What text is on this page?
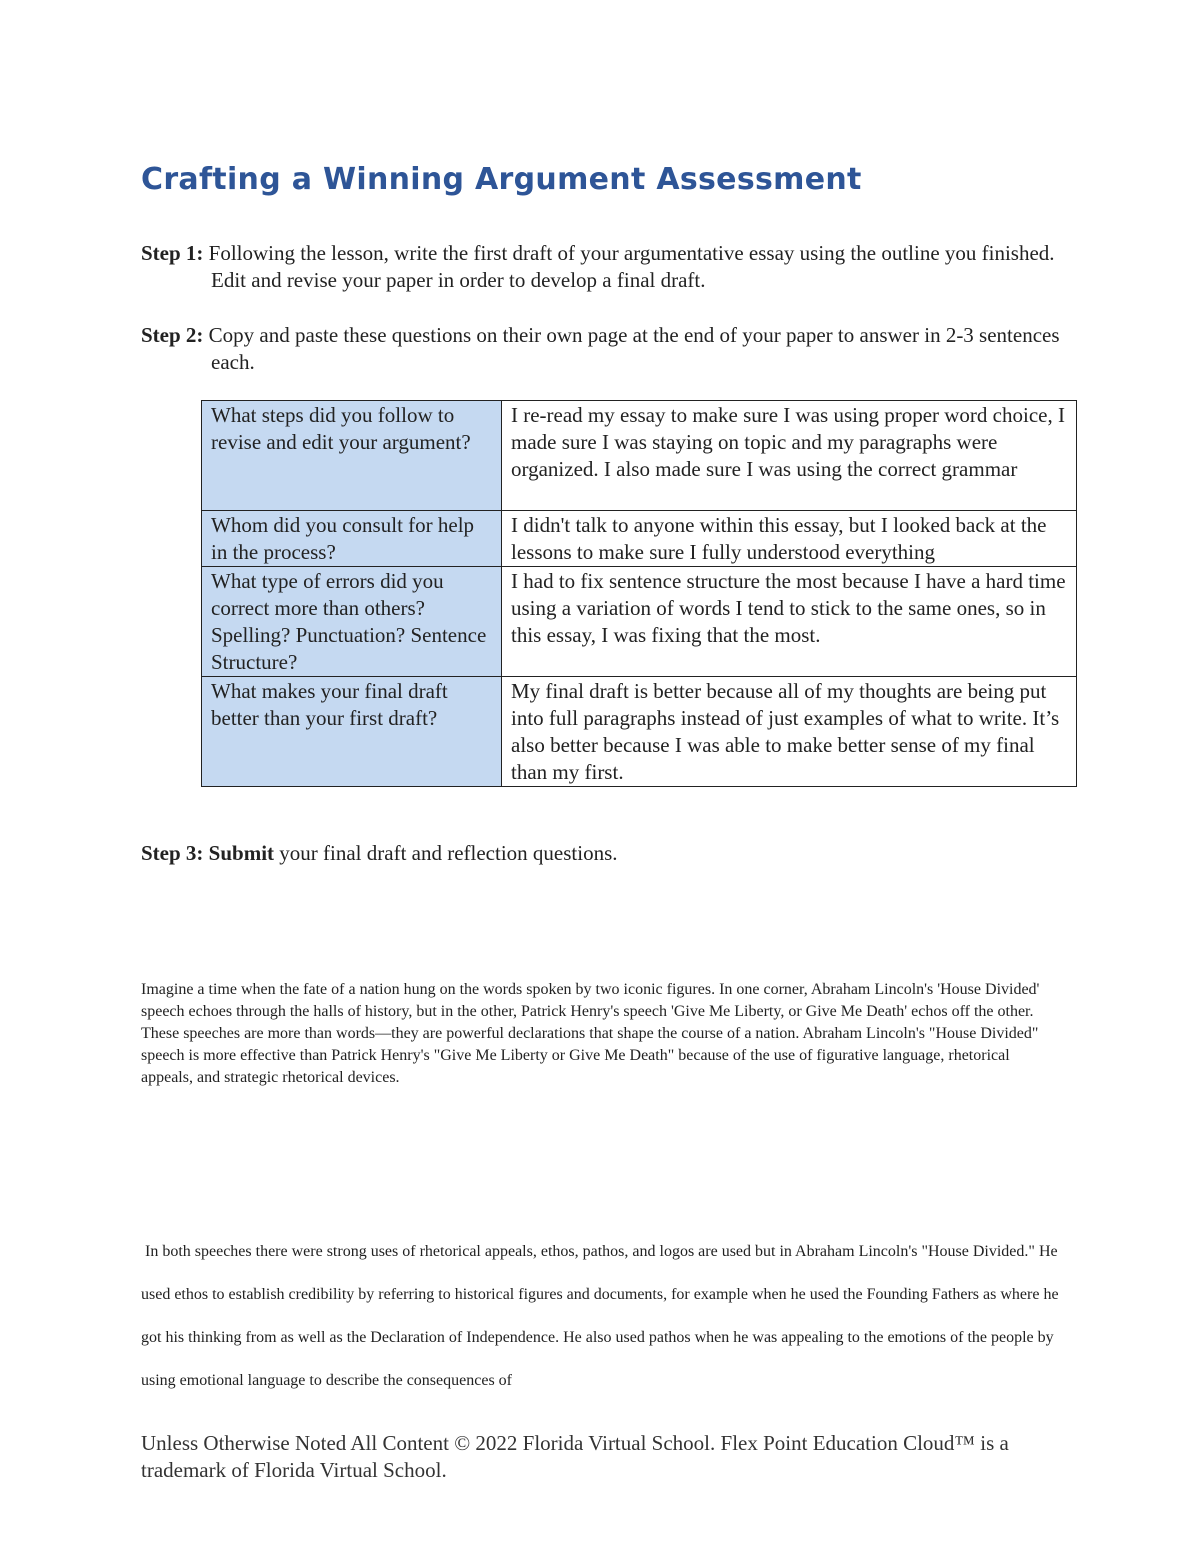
Crafting a Winning Argument Assessment
Step 1: Following the lesson, write the first draft of your argumentative essay using the outline you finished. Edit and revise your paper in order to develop a final draft.
Step 2: Copy and paste these questions on their own page at the end of your paper to answer in 2-3 sentences each.
What steps did you follow to revise and edit your argument?	I re-read my essay to make sure I was using proper word choice, I made sure I was staying on topic and my paragraphs were organized. I also made sure I was using the correct grammar
Whom did you consult for help in the process?	I didn't talk to anyone within this essay, but I looked back at the lessons to make sure I fully understood everything
What type of errors did you correct more than others? Spelling? Punctuation? Sentence Structure?	I had to fix sentence structure the most because I have a hard time using a variation of words I tend to stick to the same ones, so in this essay, I was fixing that the most.
What makes your final draft better than your first draft?	My final draft is better because all of my thoughts are being put into full paragraphs instead of just examples of what to write. It’s also better because I was able to make better sense of my final than my first.
Step 3: Submit your final draft and reflection questions.
Imagine a time when the fate of a nation hung on the words spoken by two iconic figures. In one corner, Abraham Lincoln's 'House Divided' speech echoes through the halls of history, but in the other, Patrick Henry's speech 'Give Me Liberty, or Give Me Death' echos off the other. These speeches are more than words—they are powerful declarations that shape the course of a nation. Abraham Lincoln's "House Divided" speech is more effective than Patrick Henry's "Give Me Liberty or Give Me Death" because of the use of figurative language, rhetorical appeals, and strategic rhetorical devices.
In both speeches there were strong uses of rhetorical appeals, ethos, pathos, and logos are used but in Abraham Lincoln's "House Divided." He used ethos to establish credibility by referring to historical figures and documents, for example when he used the Founding Fathers as where he got his thinking from as well as the Declaration of Independence. He also used pathos when he was appealing to the emotions of the people by using emotional language to describe the consequences of
Unless Otherwise Noted All Content © 2022 Florida Virtual School. Flex Point Education Cloud™ is a trademark of Florida Virtual School.
